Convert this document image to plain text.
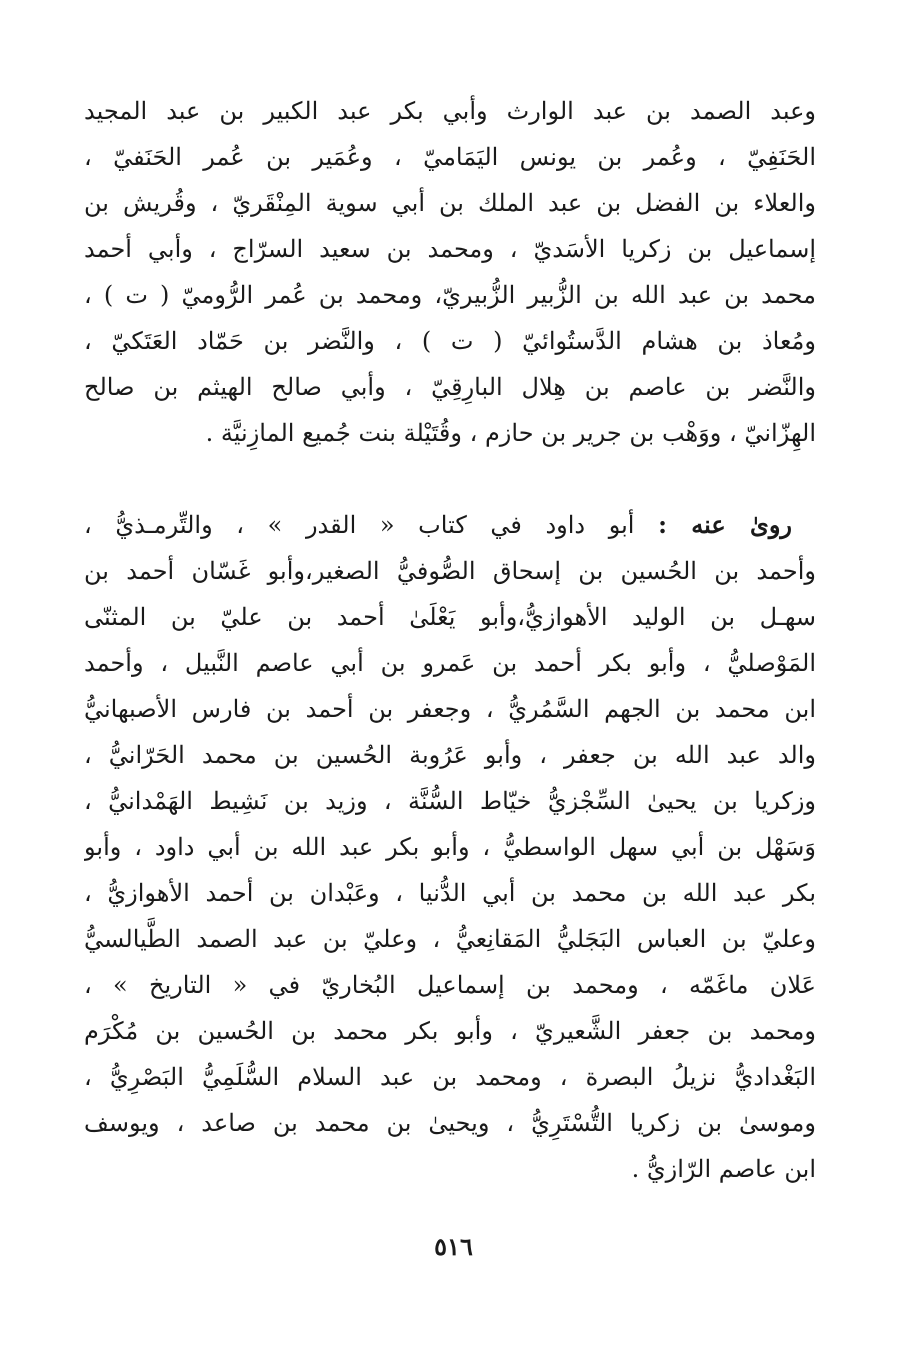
وعبد الصمد بن عبد الوارث وأبي بكر عبد الكبير بن عبد المجيد
الحَنَفِيّ ، وعُمر بن يونس اليَمَاميّ ، وعُمَير بن عُمر الحَنَفيّ ،
والعلاء بن الفضل بن عبد الملك بن أبي سوية المِنْقَريّ ، وقُريش بن
إسماعيل بن زكريا الأسَديّ ، ومحمد بن سعيد السرّاج ، وأبي أحمد
محمد بن عبد الله بن الزُّبير الزُّبيريّ، ومحمد بن عُمر الرُّوميّ ( ت ) ،
ومُعاذ بن هشام الدَّستُوائيّ ( ت ) ، والنَّضر بن حَمّاد العَتَكيّ ،
والنَّضر بن عاصم بن هِلال البارِقِيّ ، وأبي صالح الهيثم بن صالح
الهِزّانيّ ، ووَهْب بن جرير بن حازم ، وقُتَيْلة بنت جُميع المازِنيَّة .
 روىٰ عنه : أبو داود في كتاب « القدر » ، والتِّرمـذيُّ ،
وأحمد بن الحُسين بن إسحاق الصُّوفيُّ الصغير،وأبو غَسّان أحمد بن
سهـل بن الوليد الأهوازيُّ،وأبو يَعْلَىٰ أحمد بن عليّ بن المثنّى
المَوْصليُّ ، وأبو بكر أحمد بن عَمرو بن أبي عاصم النَّبيل ، وأحمد
ابن محمد بن الجهم السَّمُريُّ ، وجعفر بن أحمد بن فارس الأصبهانيُّ
والد عبد الله بن جعفر ، وأبو عَرُوبة الحُسين بن محمد الحَرّانيُّ ،
وزكريا بن يحيىٰ السِّجْزيُّ خيّاط السُّنَّة ، وزيد بن نَشِيط الهَمْدانيُّ ،
وَسَهْل بن أبي سهل الواسطيُّ ، وأبو بكر عبد الله بن أبي داود ، وأبو
بكر عبد الله بن محمد بن أبي الدُّنيا ، وعَبْدان بن أحمد الأهوازيُّ ،
وعليّ بن العباس البَجَليُّ المَقانِعيُّ ، وعليّ بن عبد الصمد الطَّيالسيُّ
عَلان ماغَمّه ، ومحمد بن إسماعيل البُخاريّ في « التاريخ » ،
ومحمد بن جعفر الشَّعيريّ ، وأبو بكر محمد بن الحُسين بن مُكْرَم
البَغْداديُّ نزيلُ البصرة ، ومحمد بن عبد السلام السُّلَمِيُّ البَصْرِيُّ ،
وموسىٰ بن زكريا التُّسْتَرِيُّ ، ويحيىٰ بن محمد بن صاعد ، ويوسف
ابن عاصم الرّازيُّ .
٥١٦
